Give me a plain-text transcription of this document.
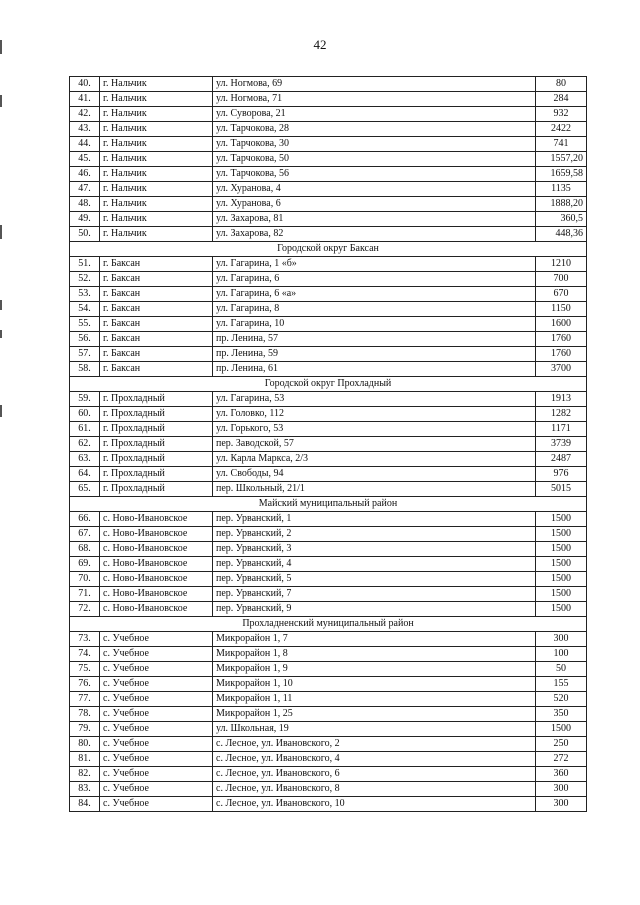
42
40.	г. Нальчик	ул. Ногмова, 69	80
41.	г. Нальчик	ул. Ногмова, 71	284
42.	г. Нальчик	ул. Суворова, 21	932
43.	г. Нальчик	ул. Тарчокова, 28	2422
44.	г. Нальчик	ул. Тарчокова, 30	741
45.	г. Нальчик	ул. Тарчокова, 50	1557,20
46.	г. Нальчик	ул. Тарчокова, 56	1659,58
47.	г. Нальчик	ул. Хуранова, 4	1135
48.	г. Нальчик	ул. Хуранова, 6	1888,20
49.	г. Нальчик	ул. Захарова, 81	360,5
50.	г. Нальчик	ул. Захарова, 82	448,36
Городской округ Баксан			
51.	г. Баксан	ул. Гагарина, 1 «б»	1210
52.	г. Баксан	ул. Гагарина, 6	700
53.	г. Баксан	ул. Гагарина, 6 «а»	670
54.	г. Баксан	ул. Гагарина, 8	1150
55.	г. Баксан	ул. Гагарина, 10	1600
56.	г. Баксан	пр. Ленина, 57	1760
57.	г. Баксан	пр. Ленина, 59	1760
58.	г. Баксан	пр. Ленина, 61	3700
Городской округ Прохладный			
59.	г. Прохладный	ул. Гагарина, 53	1913
60.	г. Прохладный	ул. Головко, 112	1282
61.	г. Прохладный	ул. Горького, 53	1171
62.	г. Прохладный	пер. Заводской, 57	3739
63.	г. Прохладный	ул. Карла Маркса, 2/3	2487
64.	г. Прохладный	ул. Свободы, 94	976
65.	г. Прохладный	пер. Школьный, 21/1	5015
Майский муниципальный район			
66.	с. Ново-Ивановское	пер. Урванский, 1	1500
67.	с. Ново-Ивановское	пер. Урванский, 2	1500
68.	с. Ново-Ивановское	пер. Урванский, 3	1500
69.	с. Ново-Ивановское	пер. Урванский, 4	1500
70.	с. Ново-Ивановское	пер. Урванский, 5	1500
71.	с. Ново-Ивановское	пер. Урванский, 7	1500
72.	с. Ново-Ивановское	пер. Урванский, 9	1500
Прохладненский муниципальный район			
73.	с. Учебное	Микрорайон 1, 7	300
74.	с. Учебное	Микрорайон 1, 8	100
75.	с. Учебное	Микрорайон 1, 9	50
76.	с. Учебное	Микрорайон 1, 10	155
77.	с. Учебное	Микрорайон 1, 11	520
78.	с. Учебное	Микрорайон 1, 25	350
79.	с. Учебное	ул. Школьная, 19	1500
80.	с. Учебное	с. Лесное, ул. Ивановского, 2	250
81.	с. Учебное	с. Лесное, ул. Ивановского, 4	272
82.	с. Учебное	с. Лесное, ул. Ивановского, 6	360
83.	с. Учебное	с. Лесное, ул. Ивановского, 8	300
84.	с. Учебное	с. Лесное, ул. Ивановского, 10	300
